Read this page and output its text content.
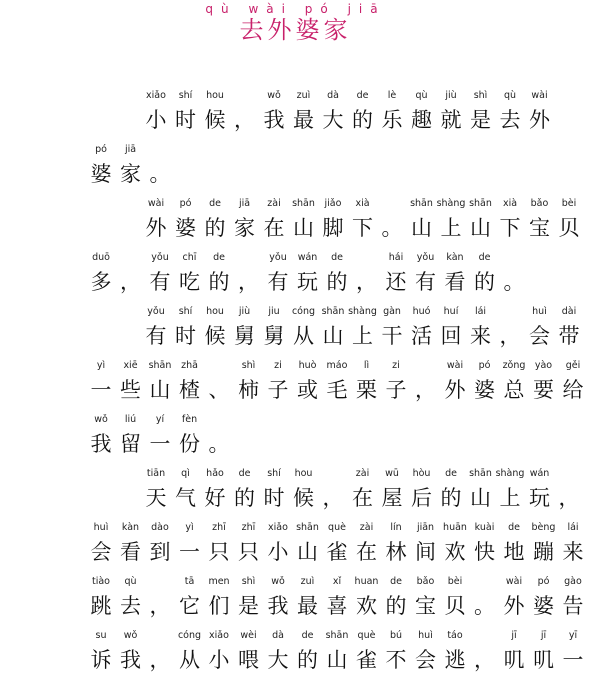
qù wài pó jiā
去外婆家
xiǎo
小
shí
时
hou
候 ，
wǒ
我
zuì
最
dà
大
de
的
lè
乐
qù
趣
jiù
就
shì
是
qù
去
wài
外
pó
婆
jiā
家 。
wài
外
pó
婆
de
的
jiā
家
zài
在
shān
山
jiǎo
脚
xià
下 。
shān
山
shàng
上
shān
山
xià
下
bǎo
宝
bèi
贝
duō
多 ，
yǒu
有
chī
吃
de
的 ，
yǒu
有
wán
玩
de
的 ，
hái
还
yǒu
有
kàn
看
de
的 。
yǒu
有
shí
时
hou
候
jiù
舅
jiu
舅
cóng
从
shān
山
shàng
上
gàn
干
huó
活
huí
回
lái
来 ，
huì
会
dài
带
yì
一
xiē
些
shān
山
zhā
楂 、
shì
柿
zi
子
huò
或
máo
毛
lì
栗
zi
子 ，
wài
外
pó
婆
zǒng
总
yào
要
gěi
给
wǒ
我
liú
留
yí
一
fèn
份 。
tiān
天
qì
气
hǎo
好
de
的
shí
时
hou
候 ，
zài
在
wū
屋
hòu
后
de
的
shān
山
shàng
上
wán
玩 ，
huì
会
kàn
看
dào
到
yì
一
zhī
只
zhī
只
xiǎo
小
shān
山
què
雀
zài
在
lín
林
jiān
间
huān
欢
kuài
快
de
地
bèng
蹦
lái
来
tiào
跳
qù
去 ，
tā
它
men
们
shì
是
wǒ
我
zuì
最
xǐ
喜
huan
欢
de
的
bǎo
宝
bèi
贝 。
wài
外
pó
婆
gào
告
su
诉
wǒ
我 ，
cóng
从
xiǎo
小
wèi
喂
dà
大
de
的
shān
山
què
雀
bú
不
huì
会
táo
逃 ，
jī
叽
jī
叽
yī
一
